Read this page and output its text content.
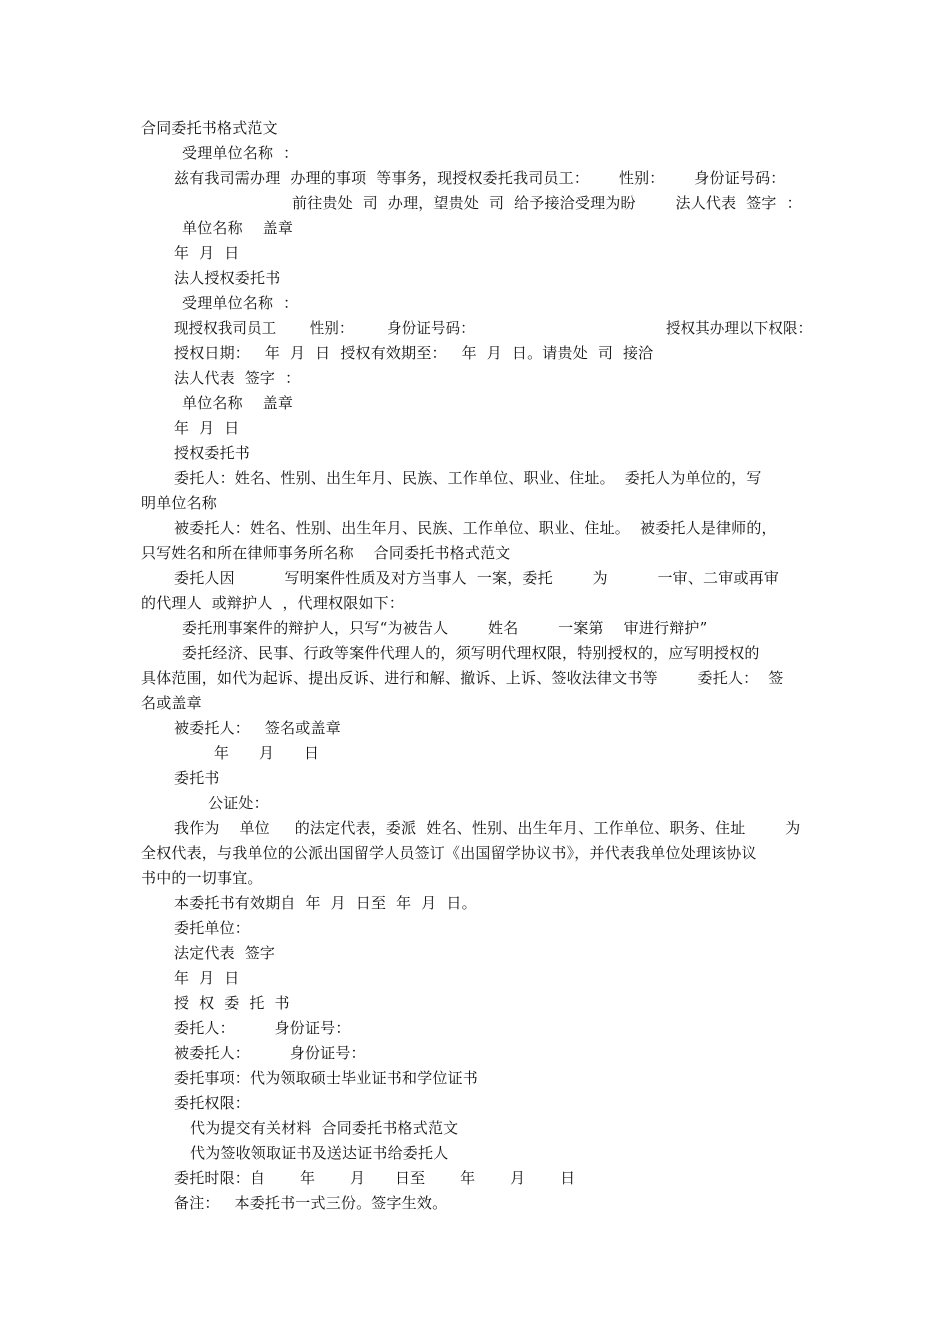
合同委托书格式范文
受理单位名称  ：
兹有我司需办理  办理的事项  等事务，现授权委托我司员工：      性别：      身份证号码：
前往贵处  司  办理，望贵处  司  给予接洽受理为盼        法人代表  签字  ：
单位名称    盖章
年  月  日
法人授权委托书
受理单位名称  ：
现授权我司员工       性别：       身份证号码：                                        授权其办理以下权限：
授权日期：   年  月  日  授权有效期至：   年  月  日。请贵处  司  接洽
法人代表  签字  ：
单位名称    盖章
年  月  日
授权委托书
委托人：姓名、性别、出生年月、民族、工作单位、职业、住址。  委托人为单位的，写
明单位名称
被委托人：姓名、性别、出生年月、民族、工作单位、职业、住址。  被委托人是律师的，
只写姓名和所在律师事务所名称    合同委托书格式范文
委托人因          写明案件性质及对方当事人  一案，委托        为          一审、二审或再审
的代理人  或辩护人  ，代理权限如下：
委托刑事案件的辩护人，只写“为被告人        姓名        一案第    审进行辩护”
委托经济、民事、行政等案件代理人的，须写明代理权限，特别授权的，应写明授权的
具体范围，如代为起诉、提出反诉、进行和解、撤诉、上诉、签收法律文书等        委托人：  签
名或盖章
被委托人：   签名或盖章
年      月      日
委托书
公证处：
我作为    单位     的法定代表，委派  姓名、性别、出生年月、工作单位、职务、住址        为
全权代表，与我单位的公派出国留学人员签订《出国留学协议书》，并代表我单位处理该协议
书中的一切事宜。
本委托书有效期自  年  月  日至  年  月  日。
委托单位：
法定代表  签字
年  月  日
授  权  委  托  书
委托人：        身份证号：
被委托人：        身份证号：
委托事项：代为领取硕士毕业证书和学位证书
委托权限：
代为提交有关材料  合同委托书格式范文
代为签收领取证书及送达证书给委托人
委托时限：自       年       月      日至       年       月       日
备注：   本委托书一式三份。签字生效。
